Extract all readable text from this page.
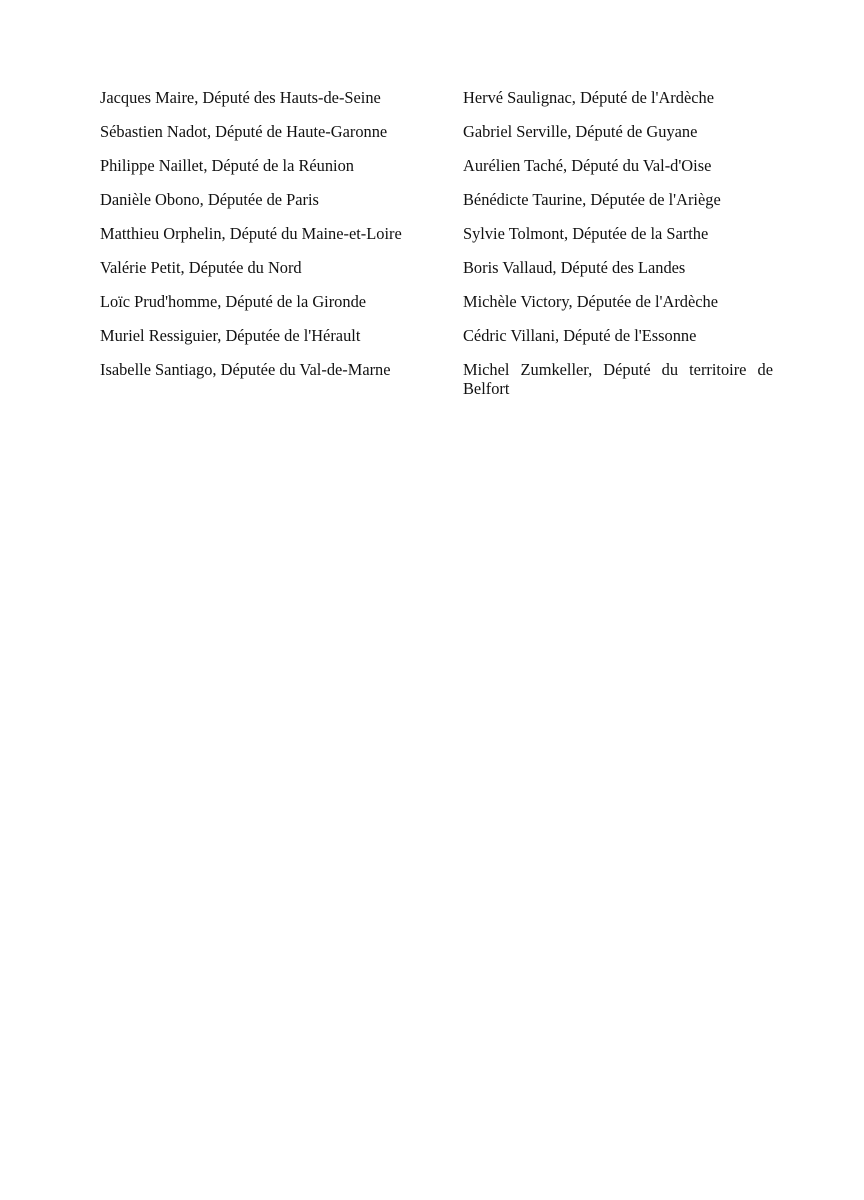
Jacques Maire, Député des Hauts-de-Seine

Sébastien Nadot, Député de Haute-Garonne

Philippe Naillet, Député de la Réunion

Danièle Obono, Députée de Paris

Matthieu Orphelin, Député du Maine-et-Loire

Valérie Petit, Députée du Nord

Loïc Prud'homme, Député de la Gironde

Muriel Ressiguier, Députée de l'Hérault

Isabelle Santiago, Députée du Val-de-Marne

Hervé Saulignac, Député de l'Ardèche

Gabriel Serville, Député de Guyane

Aurélien Taché, Député du Val-d'Oise

Bénédicte Taurine, Députée de l'Ariège

Sylvie Tolmont, Députée de la Sarthe

Boris Vallaud, Député des Landes

Michèle Victory, Députée de l'Ardèche

Cédric Villani, Député de l'Essonne

Michel Zumkeller, Député du territoire de Belfort
